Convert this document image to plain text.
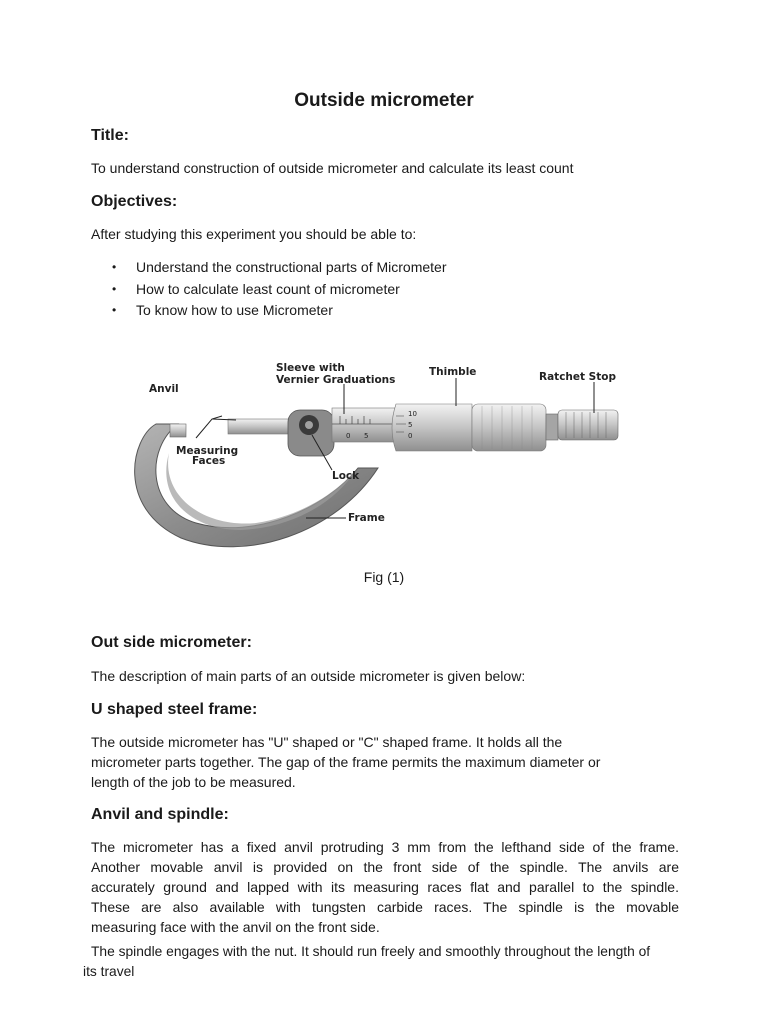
Outside micrometer
Title:
To understand construction of outside micrometer and calculate its least count
Objectives:
After studying this experiment you should be able to:
• Understand the constructional parts of Micrometer
• How to calculate least count of micrometer
• To know how to use Micrometer
0 5
10
5
0
Anvil
Measuring
Faces
Sleeve with
Vernier Graduations
Thimble	Ratchet Stop
Lock
Frame
Fig (1)
Out side micrometer:
The description of main parts of an outside micrometer is given below:
U shaped steel frame:
The outside micrometer has "U" shaped or "C" shaped frame. It holds all the
micrometer parts together. The gap of the frame permits the maximum diameter or
length of the job to be measured.
Anvil and spindle:
The micrometer has a fixed anvil protruding 3 mm from the lefthand side of the frame.
Another movable anvil is provided on the front side of the spindle. The anvils are
accurately ground and lapped with its measuring races flat and parallel to the spindle.
These are also available with tungsten carbide races. The spindle is the movable
measuring face with the anvil on the front side.
The spindle engages with the nut. It should run freely and smoothly throughout the length of
its travel
